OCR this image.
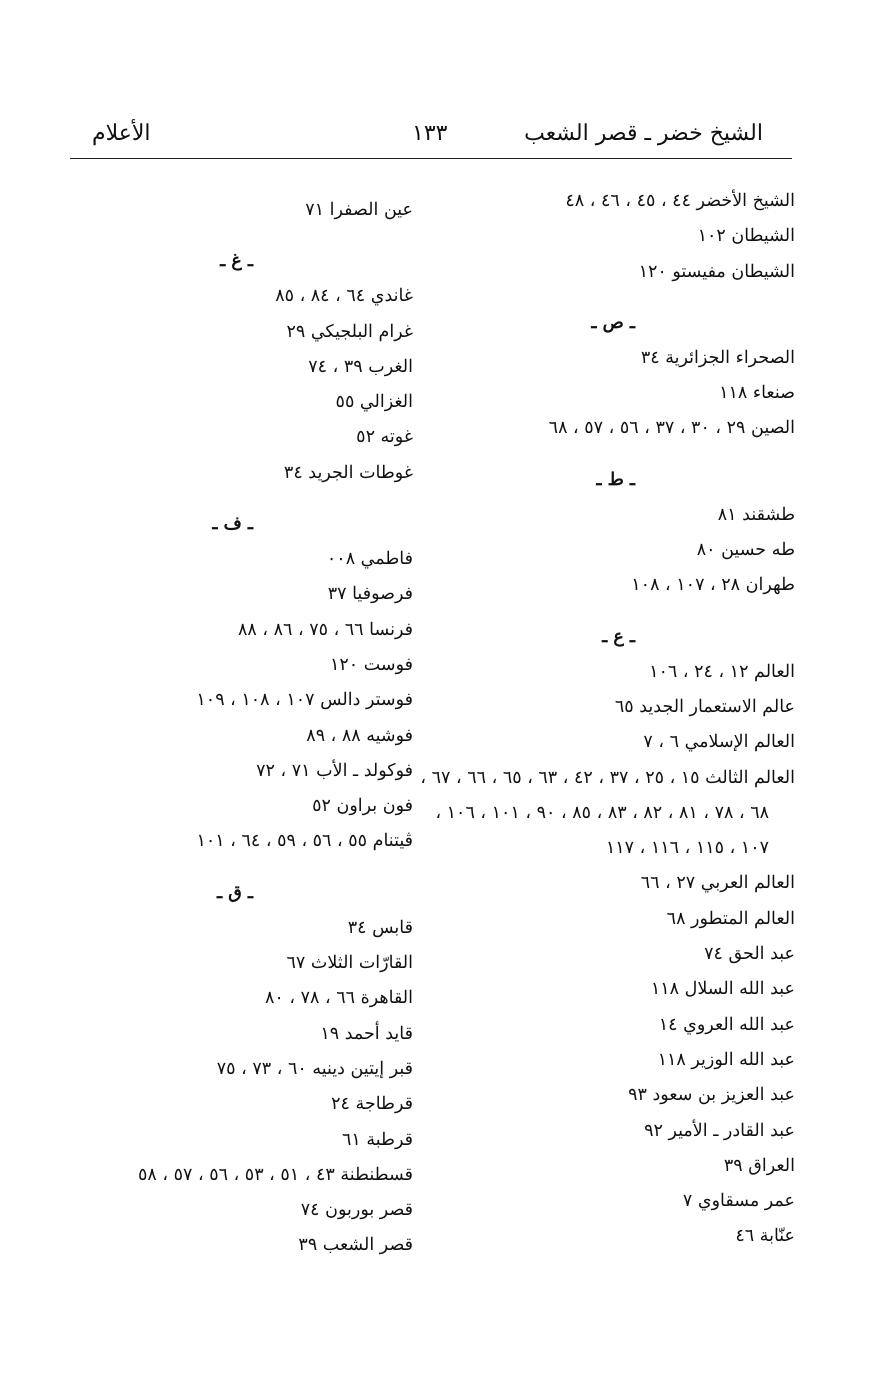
الشيخ خضر ـ قصر الشعب
١٣٣
الأعلام
الشيخ الأخضر ٤٤ ، ٤٥ ، ٤٦ ، ٤٨
الشيطان ١٠٢
الشيطان مفيستو ١٢٠
ـ ص ـ
الصحراء الجزائرية ٣٤
صنعاء ١١٨
الصين ٢٩ ، ٣٠ ، ٣٧ ، ٥٦ ، ٥٧ ، ٦٨
ـ ط ـ
طشقند ٨١
طه حسين ٨٠
طهران ٢٨ ، ١٠٧ ، ١٠٨
ـ ع ـ
العالم ١٢ ، ٢٤ ، ١٠٦
عالم الاستعمار الجديد ٦٥
العالم الإسلامي ٦ ، ٧
العالم الثالث ١٥ ، ٢٥ ، ٣٧ ، ٤٢ ، ٦٣ ، ٦٥ ، ٦٦ ، ٦٧ ،
٦٨ ، ٧٨ ، ٨١ ، ٨٢ ، ٨٣ ، ٨٥ ، ٩٠ ، ١٠١ ، ١٠٦ ،
١٠٧ ، ١١٥ ، ١١٦ ، ١١٧
العالم العربي ٢٧ ، ٦٦
العالم المتطور ٦٨
عبد الحق ٧٤
عبد الله السلال ١١٨
عبد الله العروي ١٤
عبد الله الوزير ١١٨
عبد العزيز بن سعود ٩٣
عبد القادر ـ الأمير ٩٢
العراق ٣٩
عمر مسقاوي ٧
عنّابة ٤٦
عين الصفرا ٧١
ـ غ ـ
غاندي ٦٤ ، ٨٤ ، ٨٥
غرام البلجيكي ٢٩
الغرب ٣٩ ، ٧٤
الغزالي ٥٥
غوته ٥٢
غوطات الجريد ٣٤
ـ ف ـ
فاطمي ٠٠٨
فرصوفيا ٣٧
فرنسا ٦٦ ، ٧٥ ، ٨٦ ، ٨٨
فوست ١٢٠
فوستر دالس ١٠٧ ، ١٠٨ ، ١٠٩
فوشيه ٨٨ ، ٨٩
فوكولد ـ الأب ٧١ ، ٧٢
فون براون ٥٢
ڤيتنام ٥٥ ، ٥٦ ، ٥٩ ، ٦٤ ، ١٠١
ـ ق ـ
قابس ٣٤
القارّات الثلاث ٦٧
القاهرة ٦٦ ، ٧٨ ، ٨٠
قايد أحمد ١٩
قبر إيتين دينيه ٦٠ ، ٧٣ ، ٧٥
قرطاجة ٢٤
قرطبة ٦١
قسطنطنة ٤٣ ، ٥١ ، ٥٣ ، ٥٦ ، ٥٧ ، ٥٨
قصر بوربون ٧٤
قصر الشعب ٣٩
